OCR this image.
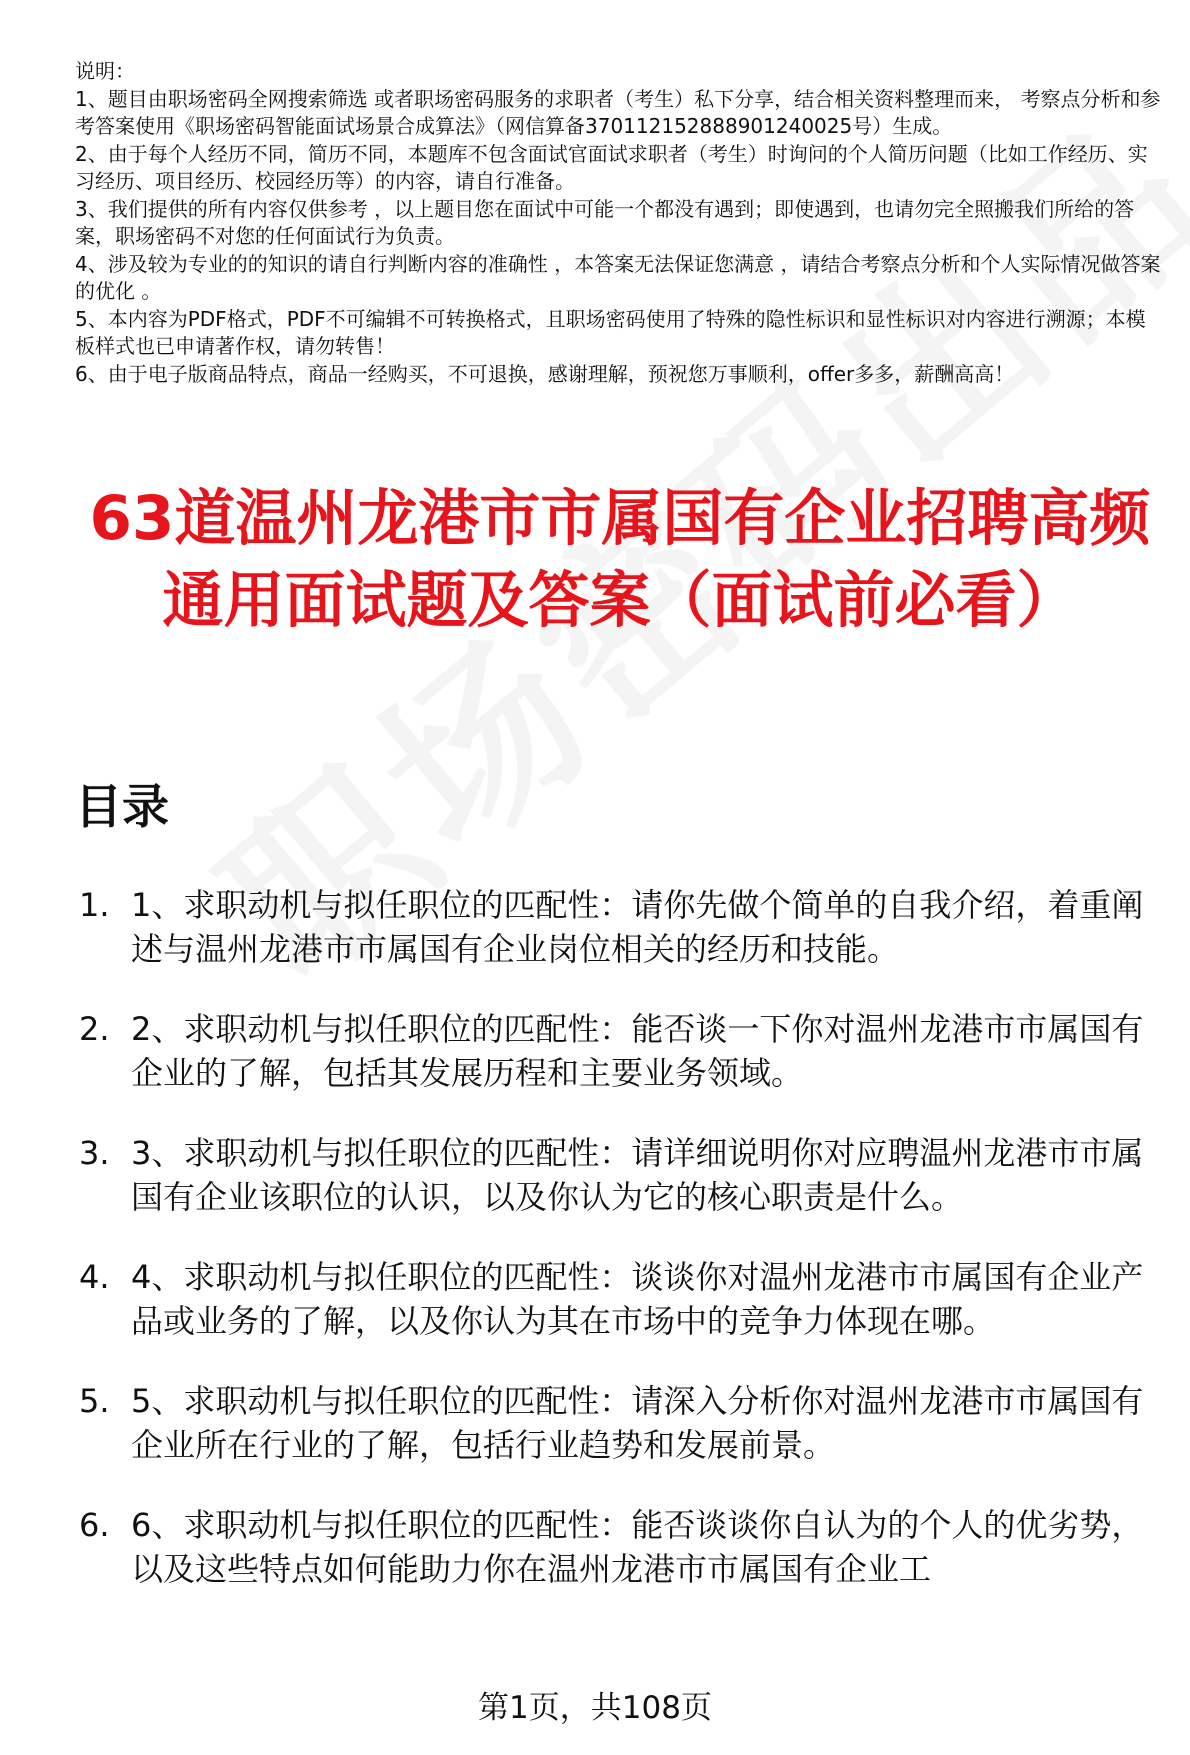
说明：

1、题目由职场密码全网搜索筛选 或者职场密码服务的求职者（考生）私下分享，结合相关资料整理而来， 考察点分析和参考答案使用《职场密码智能面试场景合成算法》（网信算备370112152888901240025号）生成。

2、由于每个人经历不同，简历不同，本题库不包含面试官面试求职者（考生）时询问的个人简历问题（比如工作经历、实习经历、项目经历、校园经历等）的内容，请自行准备。

3、我们提供的所有内容仅供参考 ，以上题目您在面试中可能一个都没有遇到；即使遇到，也请勿完全照搬我们所给的答案，职场密码不对您的任何面试行为负责。

4、涉及较为专业的的知识的请自行判断内容的准确性 ，本答案无法保证您满意 ，请结合考察点分析和个人实际情况做答案的优化 。

5、本内容为PDF格式，PDF不可编辑不可转换格式，且职场密码使用了特殊的隐性标识和显性标识对内容进行溯源；本模板样式也已申请著作权，请勿转售！

6、由于电子版商品特点，商品一经购买，不可退换，感谢理解，预祝您万事顺利，offer多多，薪酬高高！

63道温州龙港市市属国有企业招聘高频通用面试题及答案（面试前必看）
目录
1. 1、求职动机与拟任职位的匹配性：请你先做个简单的自我介绍，着重阐述与温州龙港市市属国有企业岗位相关的经历和技能。
2. 2、求职动机与拟任职位的匹配性：能否谈一下你对温州龙港市市属国有企业的了解，包括其发展历程和主要业务领域。
3. 3、求职动机与拟任职位的匹配性：请详细说明你对应聘温州龙港市市属国有企业该职位的认识，以及你认为它的核心职责是什么。
4. 4、求职动机与拟任职位的匹配性：谈谈你对温州龙港市市属国有企业产品或业务的了解，以及你认为其在市场中的竞争力体现在哪。
5. 5、求职动机与拟任职位的匹配性：请深入分析你对温州龙港市市属国有企业所在行业的了解，包括行业趋势和发展前景。
6. 6、求职动机与拟任职位的匹配性：能否谈谈你自认为的个人的优劣势，以及这些特点如何能助力你在温州龙港市市属国有企业工
第1页，共108页
